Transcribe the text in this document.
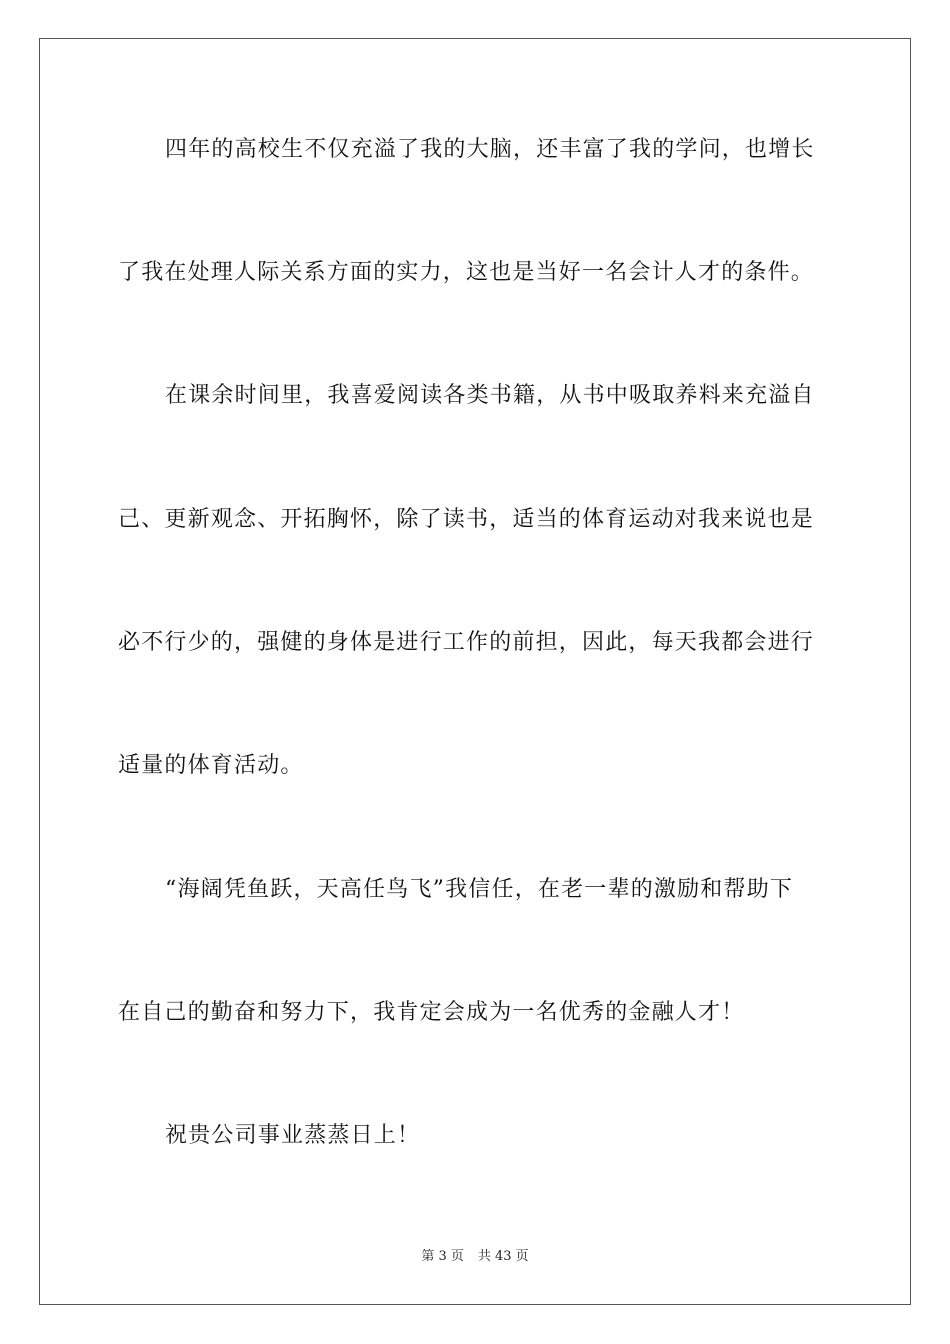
四年的高校生不仅充溢了我的大脑，还丰富了我的学问，也增长
了我在处理人际关系方面的实力，这也是当好一名会计人才的条件。
在课余时间里，我喜爱阅读各类书籍，从书中吸取养料来充溢自
己、更新观念、开拓胸怀，除了读书，适当的体育运动对我来说也是
必不行少的，强健的身体是进行工作的前担，因此，每天我都会进行
适量的体育活动。
“海阔凭鱼跃，天高任鸟飞”我信任，在老一辈的激励和帮助下
在自己的勤奋和努力下，我肯定会成为一名优秀的金融人才！
祝贵公司事业蒸蒸日上！
第 3 页 共 43 页
